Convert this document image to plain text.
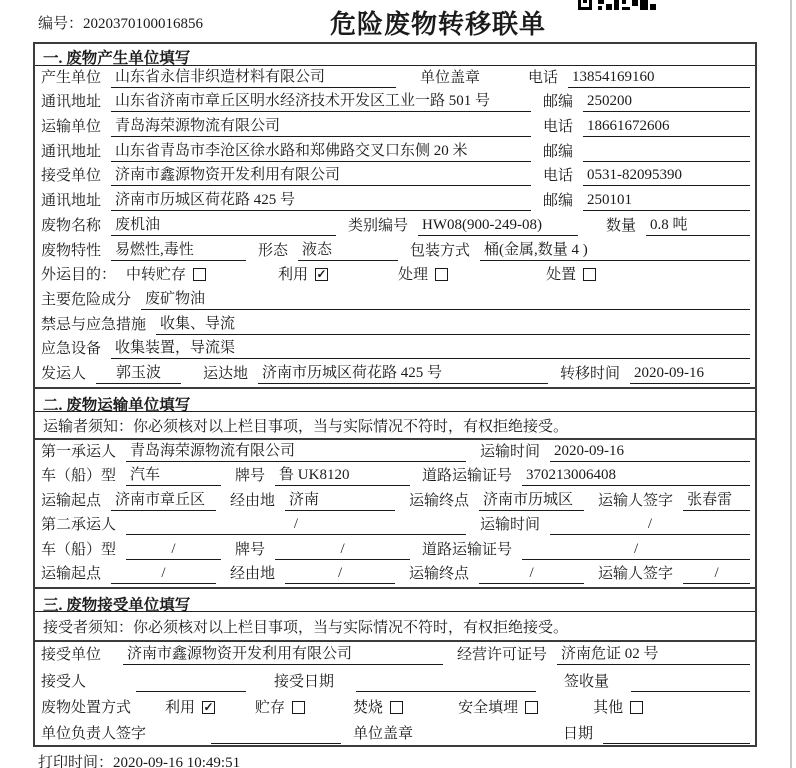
编号：2020370100016856	危险废物转移联单
一. 废物产生单位填写
产生单位 山东省永信非织造材料有限公司	单位盖章	电话 13854169160
通讯地址 山东省济南市章丘区明水经济技术开发区工业一路 501 号	邮编 250200
运输单位 青岛海荣源物流有限公司	电话 18661672606
通讯地址 山东省青岛市李沧区徐水路和郑佛路交叉口东侧 20 米	邮编
接受单位 济南市鑫源物资开发利用有限公司	电话 0531-82095390
通讯地址 济南市历城区荷花路 425 号	邮编 250101
废物名称 废机油	类别编号 HW08(900-249-08)	数量 0.8 吨
废物特性 易燃性,毒性	形态 液态	包装方式 桶(金属,数量 4 )
外运目的： 中转贮存	利用 ✓	处理	处置
主要危险成分 废矿物油
禁忌与应急措施 收集、导流
应急设备 收集装置，导流渠
发运人	郭玉波	运达地 济南市历城区荷花路 425 号	转移时间 2020-09-16
二. 废物运输单位填写
运输者须知： 你必须核对以上栏目事项，当与实际情况不符时，有权拒绝接受。
第一承运人 青岛海荣源物流有限公司	运输时间 2020-09-16
车（船）型 汽车	牌号 鲁 UK8120	道路运输证号 370213006408
运输起点 济南市章丘区	经由地 济南	运输终点 济南市历城区	运输人签字 张春雷
第二承运人	/	运输时间	/
车（船）型	/	牌号	/	道路运输证号	/
运输起点	/	经由地	/	运输终点	/	运输人签字	/
三. 废物接受单位填写
接受者须知： 你必须核对以上栏目事项，当与实际情况不符时，有权拒绝接受。
接受单位	济南市鑫源物资开发利用有限公司	经营许可证号 济南危证 02 号
接受人	接受日期	签收量
废物处置方式	利用 ✓	贮存	焚烧	安全填埋	其他
单位负责人签字	单位盖章	日期
打印时间：2020-09-16 10:49:51
